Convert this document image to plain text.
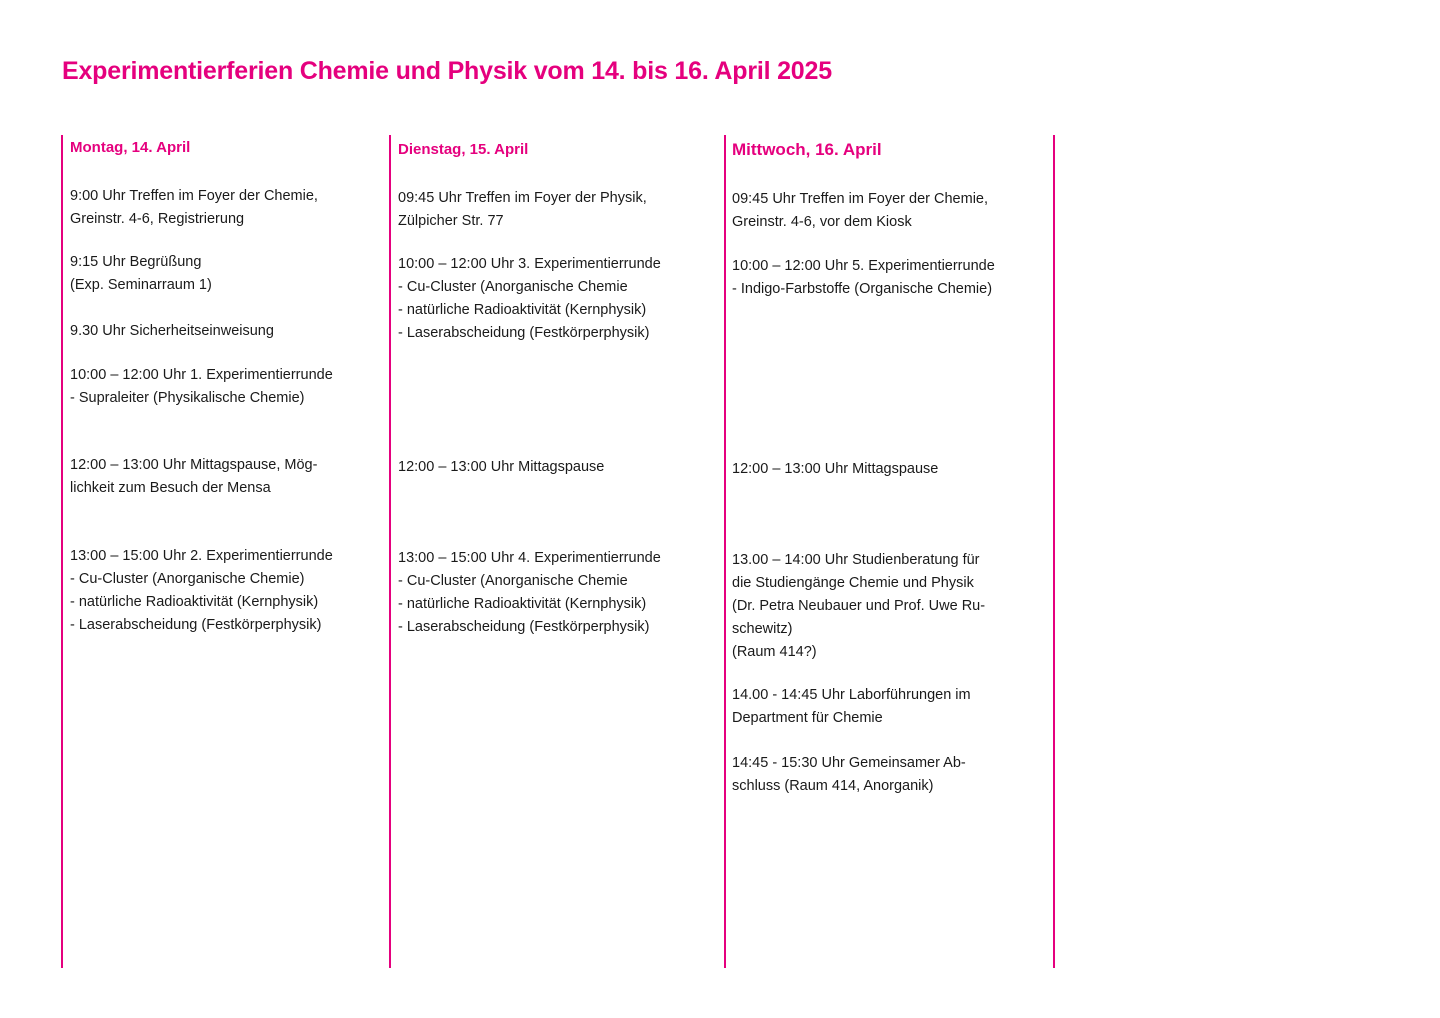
Experimentierferien Chemie und Physik vom 14. bis 16. April 2025
Montag, 14. April
9:00 Uhr Treffen im Foyer der Chemie,
Greinstr. 4-6, Registrierung
9:15 Uhr Begrüßung
(Exp. Seminarraum 1)
9.30 Uhr Sicherheitseinweisung
10:00 – 12:00 Uhr 1. Experimentierrunde
- Supraleiter (Physikalische Chemie)
12:00 – 13:00 Uhr Mittagspause, Mög-
lichkeit zum Besuch der Mensa
13:00 – 15:00 Uhr 2. Experimentierrunde
- Cu-Cluster (Anorganische Chemie)
- natürliche Radioaktivität (Kernphysik)
- Laserabscheidung (Festkörperphysik)
Dienstag, 15. April
09:45 Uhr Treffen im Foyer der Physik,
Zülpicher Str. 77
10:00 – 12:00 Uhr 3. Experimentierrunde
- Cu-Cluster (Anorganische Chemie
- natürliche Radioaktivität (Kernphysik)
- Laserabscheidung (Festkörperphysik)
12:00 – 13:00 Uhr Mittagspause
13:00 – 15:00 Uhr 4. Experimentierrunde
- Cu-Cluster (Anorganische Chemie
- natürliche Radioaktivität (Kernphysik)
- Laserabscheidung (Festkörperphysik)
Mittwoch, 16. April
09:45 Uhr Treffen im Foyer der Chemie,
Greinstr. 4-6, vor dem Kiosk
10:00 – 12:00 Uhr 5. Experimentierrunde
- Indigo-Farbstoffe (Organische Chemie)
12:00 – 13:00 Uhr Mittagspause
13.00 – 14:00 Uhr Studienberatung für
die Studiengänge Chemie und Physik
(Dr. Petra Neubauer und Prof. Uwe Ru-
schewitz)
(Raum 414?)
14.00 - 14:45 Uhr Laborführungen im
Department für Chemie
14:45 - 15:30 Uhr Gemeinsamer Ab-
schluss (Raum 414, Anorganik)
